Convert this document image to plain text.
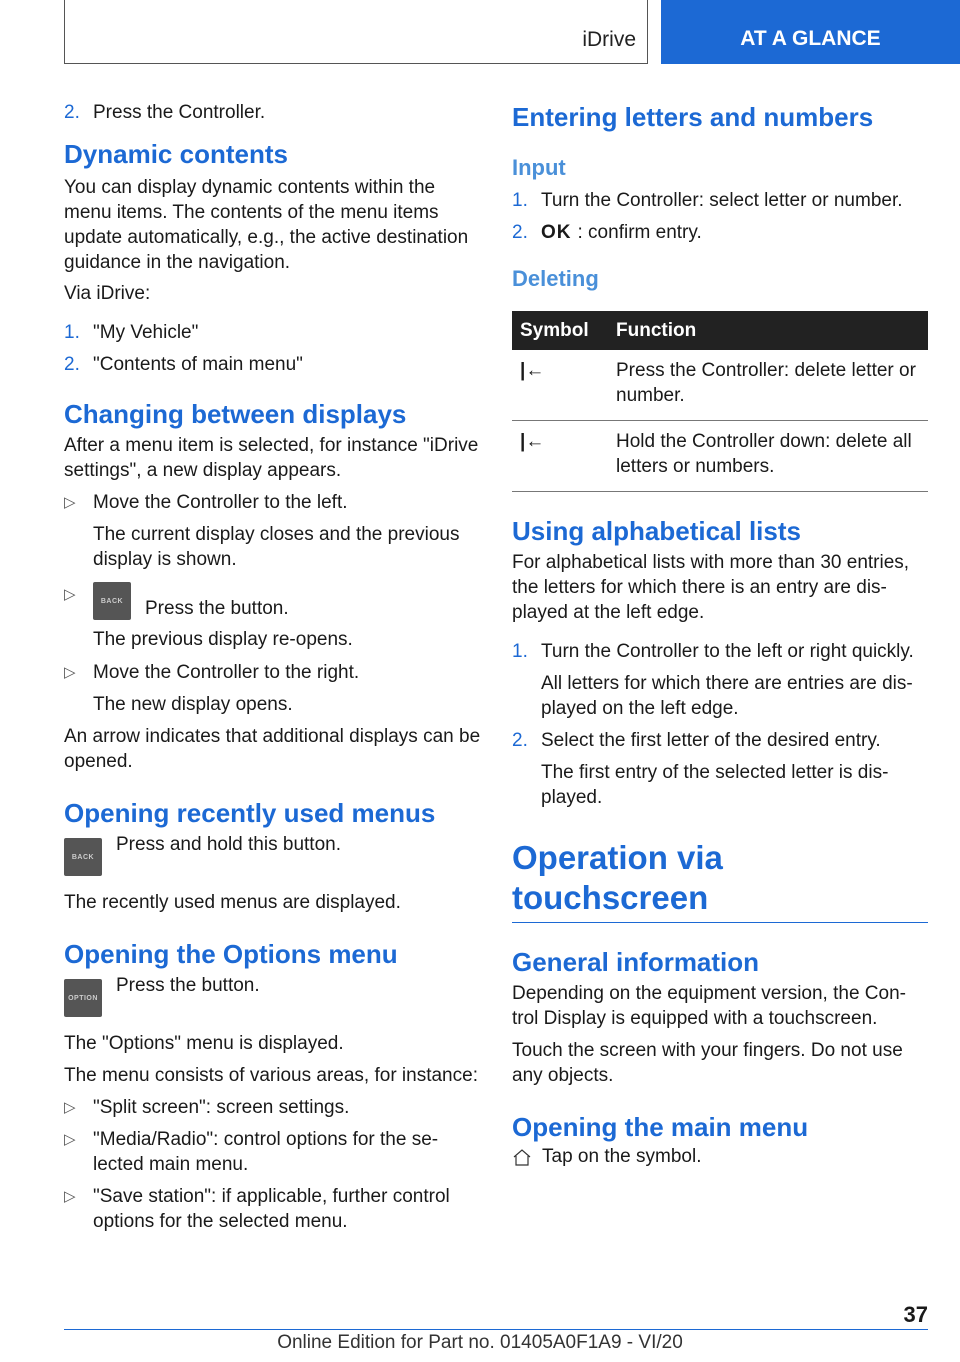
iDrive	AT A GLANCE
2. Press the Controller.
Dynamic contents

You can display dynamic contents within the menu items. The contents of the menu items update automatically, e.g., the active destination guidance in the navigation.

Via iDrive:

1. "My Vehicle"
2. "Contents of main menu"
Changing between displays

After a menu item is selected, for instance "iDrive settings", a new display appears.

▷ Move the Controller to the left.

The current display closes and the previous display is shown.

▷	BACK	Press the button.

The previous display re-opens.

▷ Move the Controller to the right.

The new display opens.

An arrow indicates that additional displays can be opened.

Opening recently used menus
BACK
Press and hold this button.

The recently used menus are displayed.

Opening the Options menu
OPTION
Press the button.

The "Options" menu is displayed.

The menu consists of various areas, for instance:

▷ "Split screen": screen settings.
▷ "Media/Radio": control options for the se-lected main menu.
▷ "Save station": if applicable, further control options for the selected menu.
Entering letters and numbers
Input
1. Turn the Controller: select letter or number.
2. OK : confirm entry.
Deleting
Symbol	Function
|←	Press the Controller: delete letter or number.
|←	Hold the Controller down: delete all letters or numbers.
Using alphabetical lists

For alphabetical lists with more than 30 entries, the letters for which there is an entry are dis-played at the left edge.

1. Turn the Controller to the left or right quickly.

All letters for which there are entries are dis-played on the left edge.

2. Select the first letter of the desired entry.

The first entry of the selected letter is dis-played.

Operation via touchscreen
General information

Depending on the equipment version, the Con-trol Display is equipped with a touchscreen.

Touch the screen with your fingers. Do not use any objects.

Opening the main menu
Tap on the symbol.
37
Online Edition for Part no. 01405A0F1A9 - VI/20
